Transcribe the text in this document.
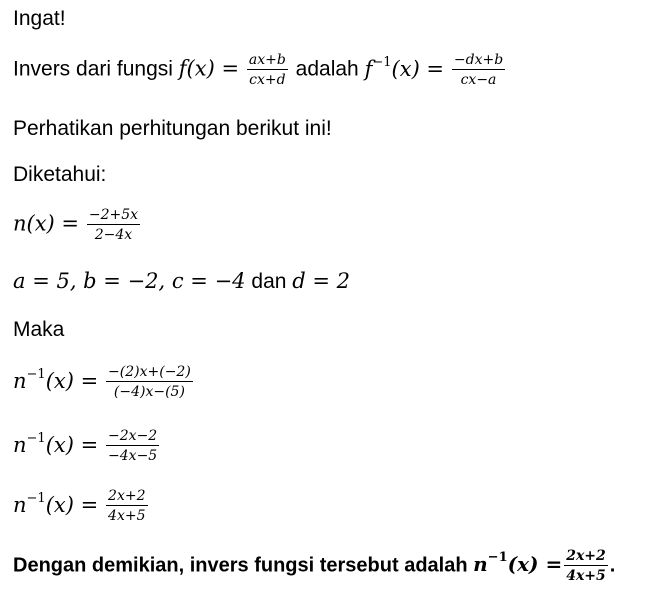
Ingat!
Invers dari fungsi $f(x) = \frac{ax+b}{cx+d}$ adalah $f^{-1}(x) = \frac{-dx+b}{cx-a}$
Perhatikan perhitungan berikut ini!
Diketahui:
$n(x) = \frac{-2+5x}{2-4x}$
a = 5, b = −2, c = −4 dan d = 2
Maka
$n^{-1}(x) = \frac{-(2)x+(-2)}{(-4)x-(5)}$
$n^{-1}(x) = \frac{-2x-2}{-4x-5}$
$n^{-1}(x) = \frac{2x+2}{4x+5}$
Dengan demikian, invers fungsi tersebut adalah $n^{-1}(x) = \frac{2x+2}{4x+5}$ .
